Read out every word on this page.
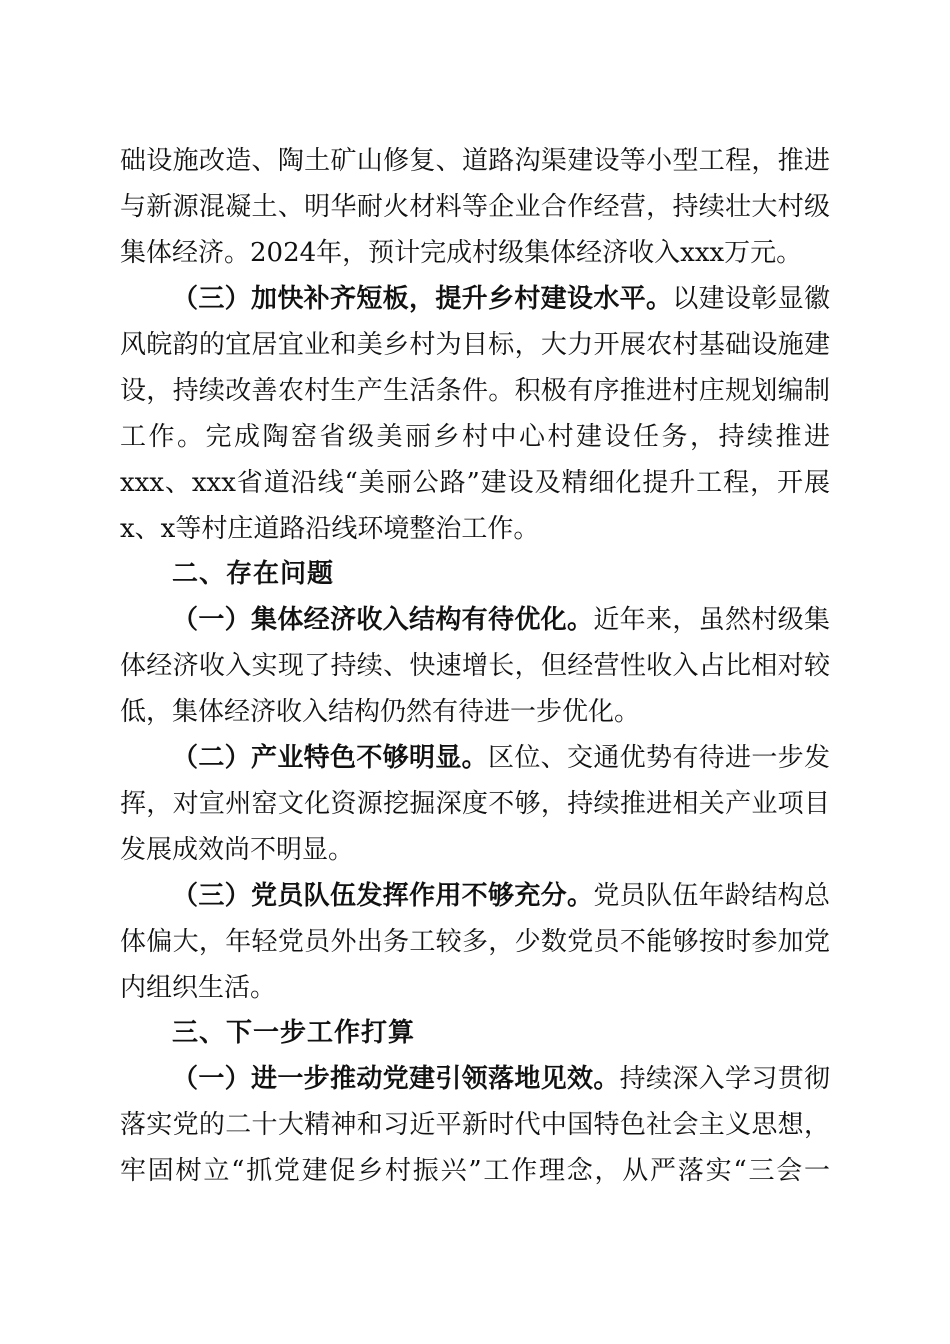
础设施改造、陶土矿山修复、道路沟渠建设等小型工程，推进
与新源混凝土、明华耐火材料等企业合作经营，持续壮大村级
集体经济。2024年，预计完成村级集体经济收入xxx万元。
（三）加快补齐短板，提升乡村建设水平。以建设彰显徽
风皖韵的宜居宜业和美乡村为目标，大力开展农村基础设施建
设，持续改善农村生产生活条件。积极有序推进村庄规划编制
工作。完成陶窑省级美丽乡村中心村建设任务，持续推进
xxx、xxx省道沿线“美丽公路”建设及精细化提升工程，开展
x、x等村庄道路沿线环境整治工作。
二、存在问题
（一）集体经济收入结构有待优化。近年来，虽然村级集
体经济收入实现了持续、快速增长，但经营性收入占比相对较
低，集体经济收入结构仍然有待进一步优化。
（二）产业特色不够明显。区位、交通优势有待进一步发
挥，对宣州窑文化资源挖掘深度不够，持续推进相关产业项目
发展成效尚不明显。
（三）党员队伍发挥作用不够充分。党员队伍年龄结构总
体偏大，年轻党员外出务工较多，少数党员不能够按时参加党
内组织生活。
三、下一步工作打算
（一）进一步推动党建引领落地见效。持续深入学习贯彻
落实党的二十大精神和习近平新时代中国特色社会主义思想，
牢固树立“抓党建促乡村振兴”工作理念，从严落实“三会一
